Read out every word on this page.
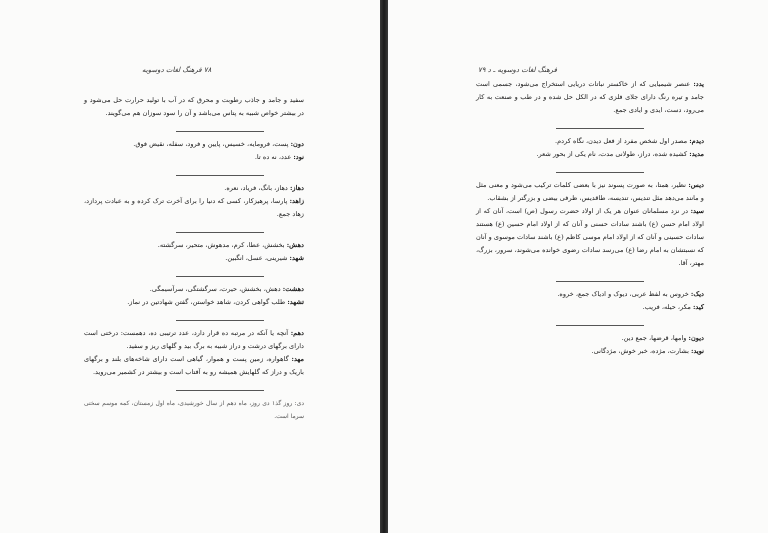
۷۸ فرهنگ لغات دوسویه

سفید و جامد و جاذب رطوبت و محرق که در آب با تولید حرارت حل می‌شود و در بیشتر خواص شبیه به پتاس می‌باشد و آن را سود سوزان هم می‌گویند.

دون: پست، فرومایه، خسیس، پایین و فرود، سفله، نقیض فوق.

نود: عدد، نه ده تا.

دهاز: دهاز، بانگ، فریاد، نعره.

زاهد: پارسا، پرهیزکار، کسی که دنیا را برای آخرت ترک کرده و به عبادت پردازد، زهاد جمع.

دهش: بخشش، عطا، کرم، مدهوش، متحیر، سرگشته.

شهد: شیرینی، عسل، انگبین.

دهشت: دهش، بخشش، حیرت، سرگشتگی، سرآسیمگی.

تشهد: طلب گواهی کردن، شاهد خواستن، گفتن شهادتین در نماز.

دهم: آنچه یا آنکه در مرتبه ده قرار دارد، عدد ترتیبی ده، دهمست: درختی است دارای برگهای درشت و دراز شبیه به برگ بید و گلهای ریز و سفید.

مهد: گاهواره، زمین پست و هموار، گیاهی است دارای شاخه‌های بلند و برگهای باریک و دراز که گلهایش همیشه رو به آفتاب است و بیشتر در کشمیر می‌روید.

دی: روز گذ۱ دی روز، ماه دهم از سال خورشیدی، ماه اول زمستان، کمه موسم سختی سرما است.

فرهنگ لغات دوسویه ـ د ۷۹

یدد: عنصر شیمیایی که از خاکستر نباتات دریایی استخراج می‌شود، جسمی است جامد و تیره رنگ دارای جلای فلزی که در الکل حل شده و در طب و صنعت به کار می‌رود، دست، ایدی و ایادی جمع.

دیدم: مصدر اول شخص مفرد از فعل دیدن، نگاه کردم.

مدید: کشیده شده، دراز، طولانی مدت، نام یکی از بحور شعر.

دیس: نظیر، همتا، به صورت پسوند نیز با بعضی کلمات ترکیب می‌شود و معنی مثل و مانند می‌دهد مثل تندیس، تندیسه، طاقدیس، ظرفی بیضی و بزرگتر از بشقاب.

سید: در نزد مسلمانان عنوان هر یک از اولاد حضرت رسول (ص) است، آنان که از اولاد امام حسن (ع) باشند سادات حسنی و آنان که از اولاد امام حسین (ع) هستند سادات حسینی و آنان که از اولاد امام موسی کاظم (ع) باشند سادات موسوی و آنان که نسبتشان به امام رضا (ع) می‌رسد سادات رضوی خوانده می‌شوند، سرور، بزرگ، مهتر، آقا.

دیک: خروس به لفظ عربی، دیوک و ادیاک جمع، خروه.

کید: مکر، حیله، فریب.

دیون: وامها، قرضها، جمع دین.

نوید: بشارت، مژده، خبر خوش، مژدگانی.
